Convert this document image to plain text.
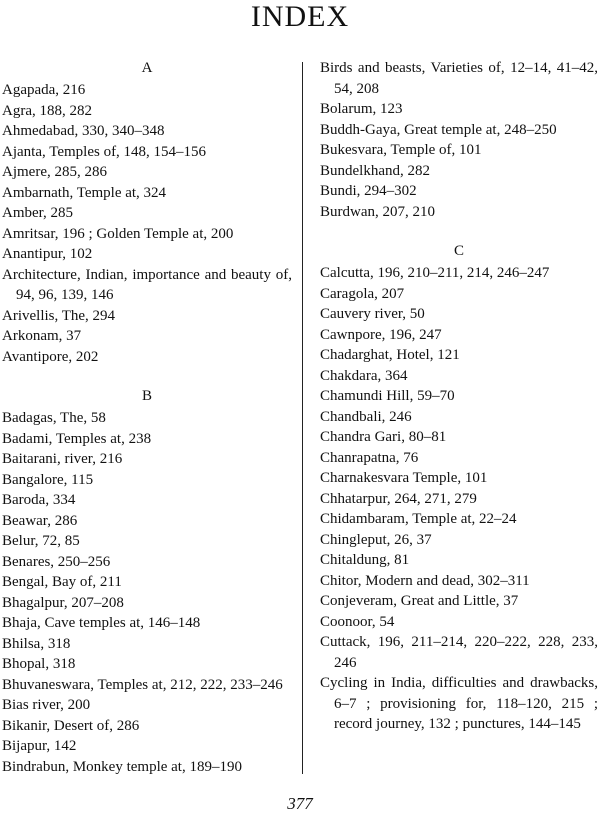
INDEX
A
Agapada, 216
Agra, 188, 282
Ahmedabad, 330, 340–348
Ajanta, Temples of, 148, 154–156
Ajmere, 285, 286
Ambarnath, Temple at, 324
Amber, 285
Amritsar, 196 ; Golden Temple at, 200
Anantipur, 102
Architecture, Indian, importance and beauty of, 94, 96, 139, 146
Arivellis, The, 294
Arkonam, 37
Avantipore, 202
B
Badagas, The, 58
Badami, Temples at, 238
Baitarani, river, 216
Bangalore, 115
Baroda, 334
Beawar, 286
Belur, 72, 85
Benares, 250–256
Bengal, Bay of, 211
Bhagalpur, 207–208
Bhaja, Cave temples at, 146–148
Bhilsa, 318
Bhopal, 318
Bhuvaneswara, Temples at, 212, 222, 233–246
Bias river, 200
Bikanir, Desert of, 286
Bijapur, 142
Bindrabun, Monkey temple at, 189–190
Birds and beasts, Varieties of, 12–14, 41–42, 54, 208
Bolarum, 123
Buddh-Gaya, Great temple at, 248–250
Bukesvara, Temple of, 101
Bundelkhand, 282
Bundi, 294–302
Burdwan, 207, 210
C
Calcutta, 196, 210–211, 214, 246–247
Caragola, 207
Cauvery river, 50
Cawnpore, 196, 247
Chadarghat, Hotel, 121
Chakdara, 364
Chamundi Hill, 59–70
Chandbali, 246
Chandra Gari, 80–81
Chanrapatna, 76
Charnakesvara Temple, 101
Chhatarpur, 264, 271, 279
Chidambaram, Temple at, 22–24
Chingleput, 26, 37
Chitaldung, 81
Chitor, Modern and dead, 302–311
Conjeveram, Great and Little, 37
Coonoor, 54
Cuttack, 196, 211–214, 220–222, 228, 233, 246
Cycling in India, difficulties and drawbacks, 6–7 ; provisioning for, 118–120, 215 ; record journey, 132 ; punctures, 144–145
377
